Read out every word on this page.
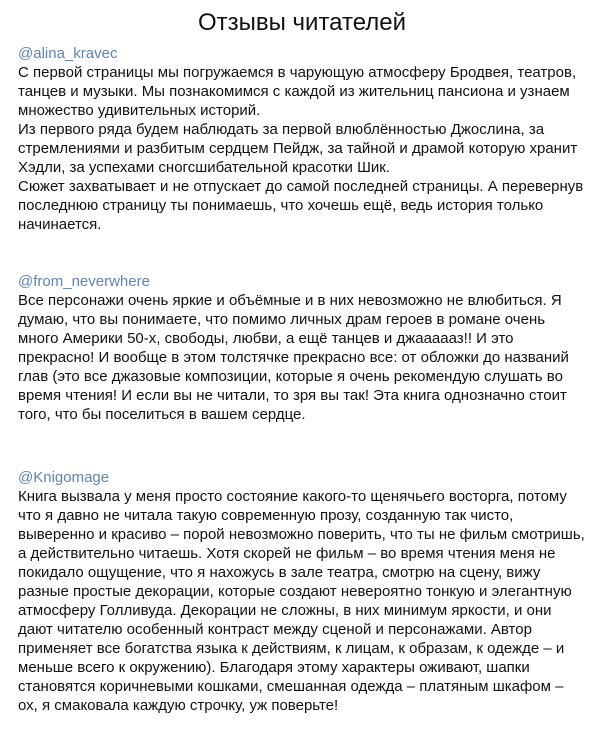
Отзывы читателей
@alina_kravec

С первой страницы мы погружаемся в чарующую атмосферу Бродвея, театров, танцев и музыки. Мы познакомимся с каждой из жительниц пансиона и узнаем множество удивительных историй.

Из первого ряда будем наблюдать за первой влюблённостью Джослина, за стремлениями и разбитым сердцем Пейдж, за тайной и драмой которую хранит Хэдли, за успехами сногсшибательной красотки Шик.

Сюжет захватывает и не отпускает до самой последней страницы. А перевернув последнюю страницу ты понимаешь, что хочешь ещё, ведь история только начинается.

@from_neverwhere

Все персонажи очень яркие и объёмные и в них невозможно не влюбиться. Я думаю, что вы понимаете, что помимо личных драм героев в романе очень много Америки 50-х, свободы, любви, а ещё танцев и джаааааз!! И это прекрасно! И вообще в этом толстячке прекрасно все: от обложки до названий глав (это все джазовые композиции, которые я очень рекомендую слушать во время чтения! И если вы не читали, то зря вы так! Эта книга однозначно стоит того, что бы поселиться в вашем сердце.

@Knigomage

Книга вызвала у меня просто состояние какого-то щенячьего восторга, потому что я давно не читала такую современную прозу, созданную так чисто, выверенно и красиво – порой невозможно поверить, что ты не фильм смотришь, а действительно читаешь. Хотя скорей не фильм – во время чтения меня не покидало ощущение, что я нахожусь в зале театра, смотрю на сцену, вижу разные простые декорации, которые создают невероятно тонкую и элегантную атмосферу Голливуда. Декорации не сложны, в них минимум яркости, и они дают читателю особенный контраст между сценой и персонажами. Автор применяет все богатства языка к действиям, к лицам, к образам, к одежде – и меньше всего к окружению). Благодаря этому характеры оживают, шапки становятся коричневыми кошками, смешанная одежда – платяным шкафом – ох, я смаковала каждую строчку, уж поверьте!
